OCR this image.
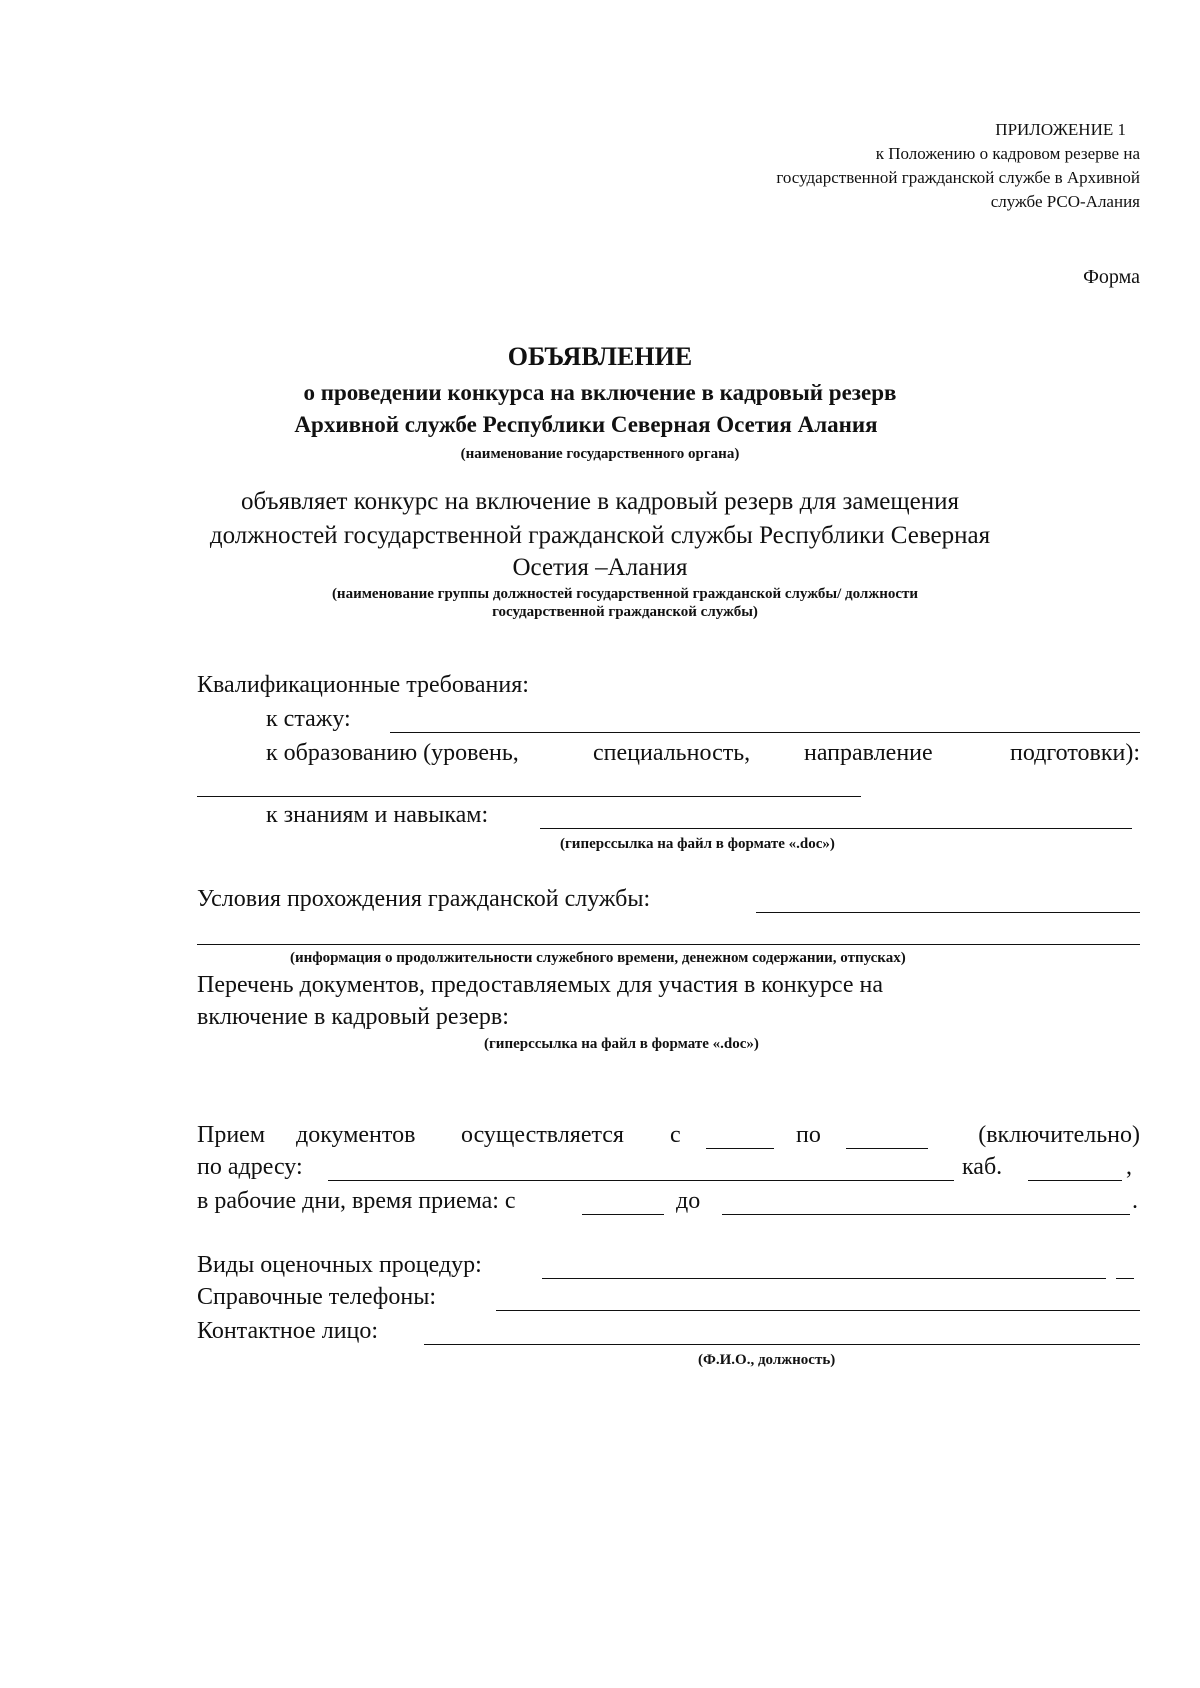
ПРИЛОЖЕНИЕ 1
к Положению о кадровом резерве на
государственной гражданской службе в Архивной
службе РСО-Алания
Форма
ОБЪЯВЛЕНИЕ
о проведении конкурса на включение в кадровый резерв
Архивной службе Республики Северная Осетия Алания
(наименование государственного органа)
объявляет конкурс на включение в кадровый резерв для замещения
должностей государственной гражданской службы Республики Северная
Осетия –Алания
(наименование группы должностей государственной гражданской службы/ должности
государственной гражданской службы)
Квалификационные требования:
к стажу:
к образованию (уровень,	специальность, направление	подготовки):
к знаниям и навыкам:
(гиперссылка на файл в формате «.doc»)
Условия прохождения гражданской службы:
(информация о продолжительности служебного времени, денежном содержании, отпусках)
Перечень документов, предоставляемых для участия в конкурсе на
включение в кадровый резерв:
(гиперссылка на файл в формате «.doc»)
Прием документов осуществляется с	по	(включительно)
по адресу:	каб.	,
в рабочие дни, время приема: с	до	.
Виды оценочных процедур:
Справочные телефоны:
Контактное лицо:
(Ф.И.О., должность)
